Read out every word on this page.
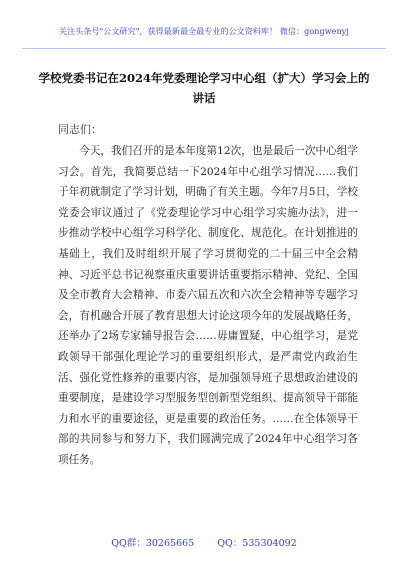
关注头条号"公文研究"，获得最新最全最专业的公文资料库！ 微信：gongwenyj
学校党委书记在2024年党委理论学习中心组（扩大）学习会上的讲话
同志们：

今天，我们召开的是本年度第12次，也是最后一次中心组学习会。首先，我简要总结一下2024年中心组学习情况……我们于年初就制定了学习计划，明确了有关主题。今年7月5日，学校党委会审议通过了《党委理论学习中心组学习实施办法》，进一步推动学校中心组学习科学化、制度化、规范化。在计划推进的基础上，我们及时组织开展了学习贯彻党的二十届三中全会精神、习近平总书记视察重庆重要讲话重要指示精神、党纪、全国及全市教育大会精神、市委六届五次和六次全会精神等专题学习会，有机融合开展了教育思想大讨论这项今年的发展战略任务，还举办了2场专家辅导报告会……毋庸置疑，中心组学习，是党政领导干部强化理论学习的重要组织形式，是严肃党内政治生活、强化党性修养的重要内容，是加强领导班子思想政治建设的重要制度，是建设学习型服务型创新型党组织、提高领导干部能力和水平的重要途径，更是重要的政治任务。……在全体领导干部的共同参与和努力下，我们圆满完成了2024年中心组学习各项任务。

QQ群：30265665 QQ：535304092
